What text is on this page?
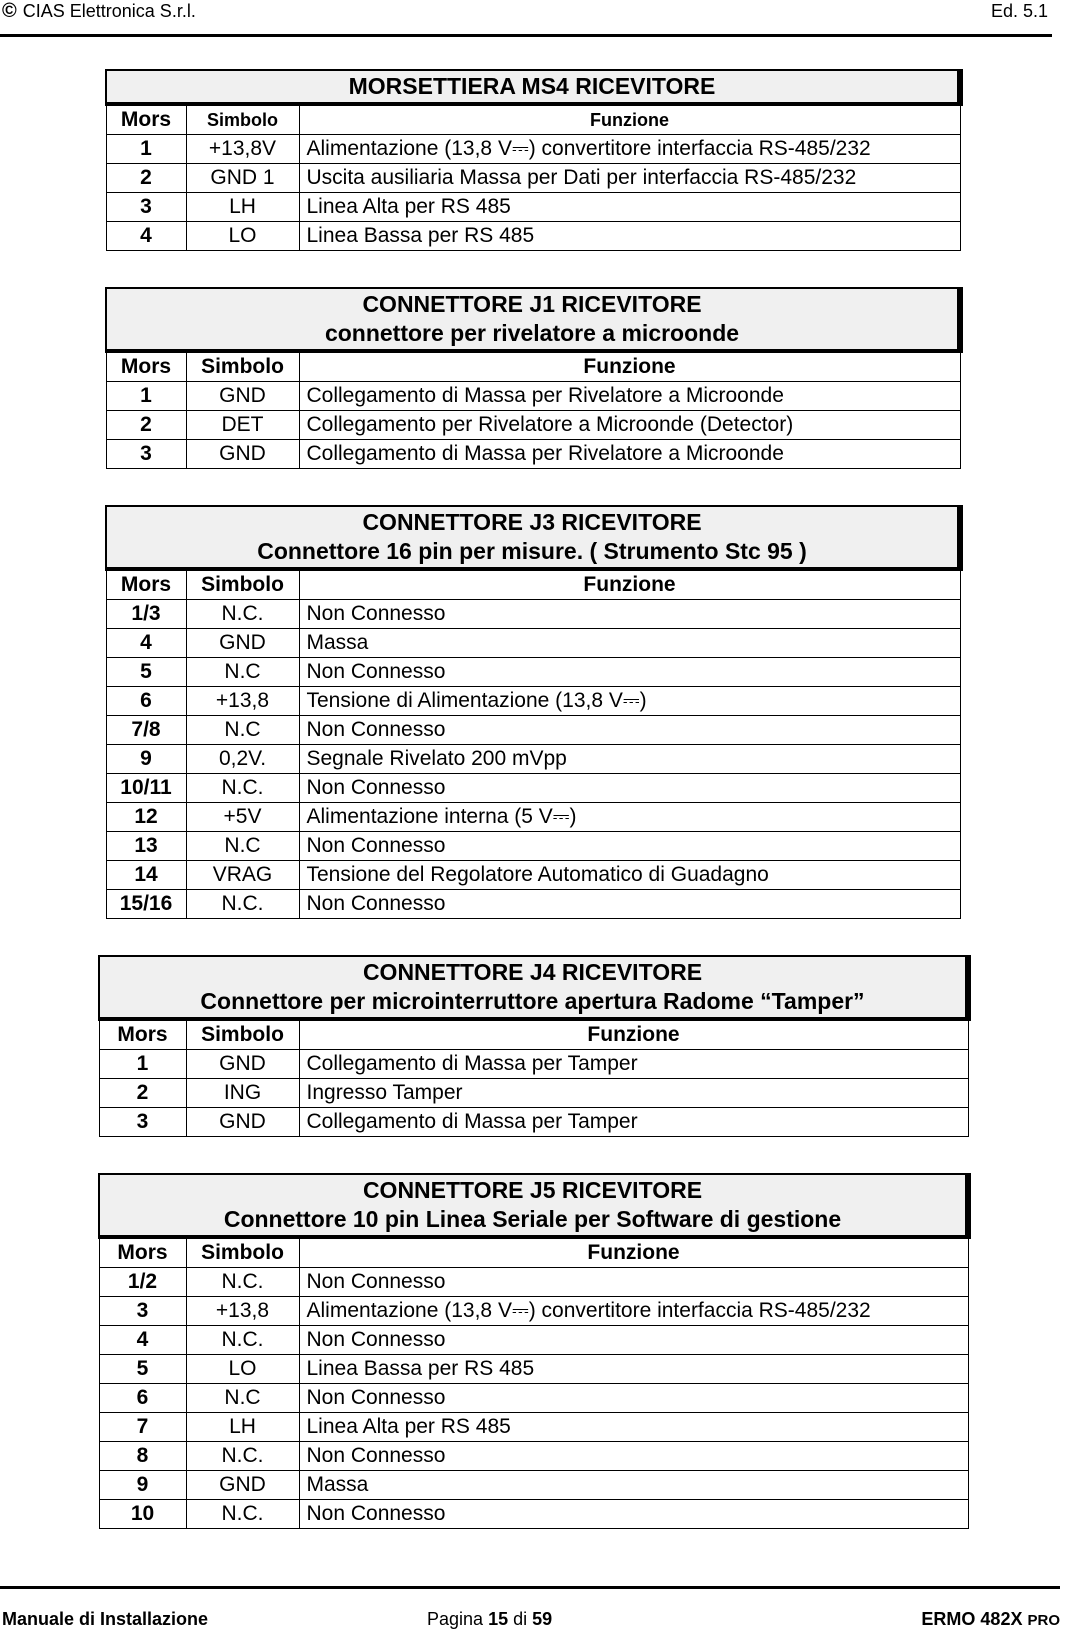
© CIAS Elettronica S.r.l.	Ed. 5.1
MORSETTIERA MS4 RICEVITORE		

Mors	Simbolo	Funzione
1	+13,8V	Alimentazione (13,8 V⎓) convertitore interfaccia RS-485/232
2	GND 1	Uscita ausiliaria Massa per Dati per interfaccia RS-485/232
3	LH	Linea Alta per RS 485
4	LO	Linea Bassa per RS 485
CONNETTORE J1 RICEVITORE
connettore per rivelatore a microonde		

Mors	Simbolo	Funzione
1	GND	Collegamento di Massa per Rivelatore a Microonde
2	DET	Collegamento per Rivelatore a Microonde (Detector)
3	GND	Collegamento di Massa per Rivelatore a Microonde
CONNETTORE J3 RICEVITORE
Connettore 16 pin per misure. ( Strumento Stc 95 )		

Mors	Simbolo	Funzione
1/3	N.C.	Non Connesso
4	GND	Massa
5	N.C	Non Connesso
6	+13,8	Tensione di Alimentazione (13,8 V⎓)
7/8	N.C	Non Connesso
9	0,2V.	Segnale Rivelato 200 mVpp
10/11	N.C.	Non Connesso
12	+5V	Alimentazione interna (5 V⎓)
13	N.C	Non Connesso
14	VRAG	Tensione del Regolatore Automatico di Guadagno
15/16	N.C.	Non Connesso
CONNETTORE J4 RICEVITORE
Connettore per microinterruttore apertura Radome “Tamper”		

Mors	Simbolo	Funzione
1	GND	Collegamento di Massa per Tamper
2	ING	Ingresso Tamper
3	GND	Collegamento di Massa per Tamper
CONNETTORE J5 RICEVITORE
Connettore 10 pin Linea Seriale per Software di gestione		

Mors	Simbolo	Funzione
1/2	N.C.	Non Connesso
3	+13,8	Alimentazione (13,8 V⎓) convertitore interfaccia RS-485/232
4	N.C.	Non Connesso
5	LO	Linea Bassa per RS 485
6	N.C	Non Connesso
7	LH	Linea Alta per RS 485
8	N.C.	Non Connesso
9	GND	Massa
10	N.C.	Non Connesso
Manuale di Installazione	Pagina 15 di 59	ERMO 482X PRO
